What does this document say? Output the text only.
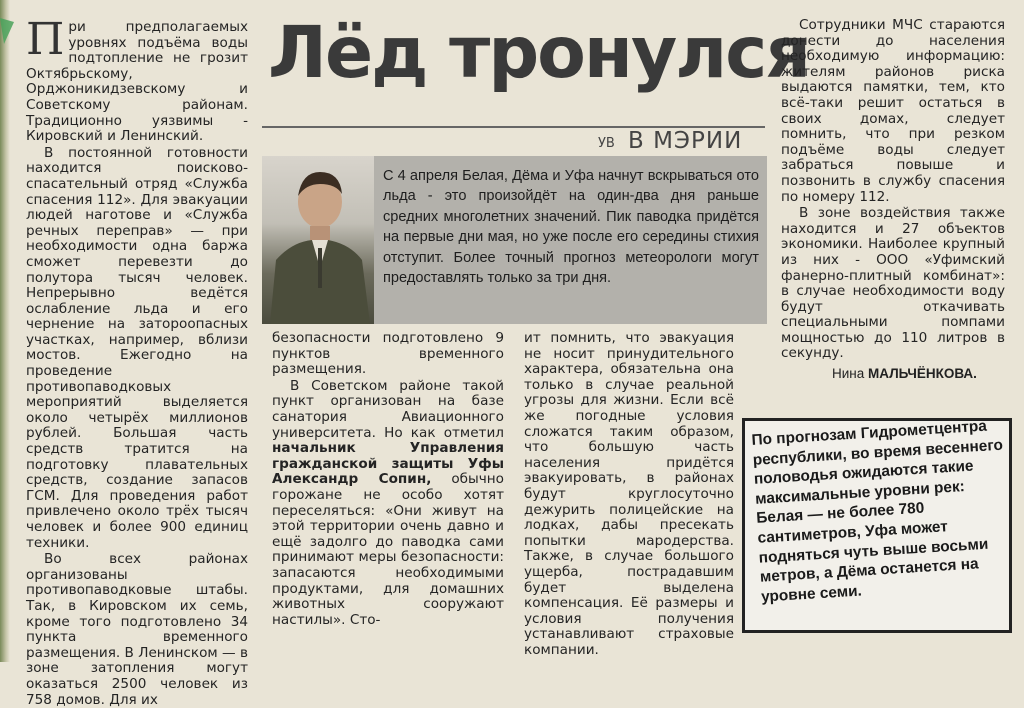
При предполагаемых уровнях подъёма воды подтопление не грозит Октябрьскому, Орджоникидзевскому и Советскому районам. Традиционно уязвимы - Кировский и Ленинский.

В постоянной готовности находится поисково-спасательный отряд «Служба спасения 112». Для эвакуации людей наготове и «Служба речных переправ» — при необходимости одна баржа сможет перевезти до полутора тысяч человек. Непрерывно ведётся ослабление льда и его чернение на затороопасных участках, например, вблизи мостов. Ежегодно на проведение противопаводковых мероприятий выделяется около четырёх миллионов рублей. Большая часть средств тратится на подготовку плавательных средств, создание запасов ГСМ. Для проведения работ привлечено около трёх тысяч человек и более 900 единиц техники.

Во всех районах организованы противопаводковые штабы. Так, в Кировском их семь, кроме того подготовлено 34 пункта временного размещения. В Ленинском — в зоне затопления могут оказаться 2500 человек из 758 домов. Для их

Лёд тронулся
УВ В МЭРИИ
С 4 апреля Белая, Дёма и Уфа начнут вскрываться ото льда - это произойдёт на один-два дня раньше средних многолетних значений. Пик паводка придётся на первые дни мая, но уже после его середины стихия отступит. Более точный прогноз метеорологи могут предоставлять только за три дня.

безопасности подготовлено 9 пунктов временного размещения.

В Советском районе такой пункт организован на базе санатория Авиационного университета. Но как отметил начальник Управления гражданской защиты Уфы Александр Сопин, обычно горожане не особо хотят переселяться: «Они живут на этой территории очень давно и ещё задолго до паводка сами принимают меры безопасности: запасаются необходимыми продуктами, для домашних животных сооружают настилы». Сто-

ит помнить, что эвакуация не носит принудительного характера, обязательна она только в случае реальной угрозы для жизни. Если всё же погодные условия сложатся таким образом, что большую часть населения придётся эвакуировать, в районах будут круглосуточно дежурить полицейские на лодках, дабы пресекать попытки мародерства. Также, в случае большого ущерба, пострадавшим будет выделена компенсация. Её размеры и условия получения устанавливают страховые компании.

Сотрудники МЧС стараются донести до населения необходимую информацию: жителям районов риска выдаются памятки, тем, кто всё-таки решит остаться в своих домах, следует помнить, что при резком подъёме воды следует забраться повыше и позвонить в службу спасения по номеру 112.

В зоне воздействия также находится и 27 объектов экономики. Наиболее крупный из них - ООО «Уфимский фанерно-плитный комбинат»: в случае необходимости воду будут откачивать специальными помпами мощностью до 110 литров в секунду.

Нина МАЛЬЧЁНКОВА.
По прогнозам Гидрометцентра республики, во время весеннего половодья ожидаются такие максимальные уровни рек: Белая — не более 780 сантиметров, Уфа может подняться чуть выше восьми метров, а Дёма останется на уровне семи.
